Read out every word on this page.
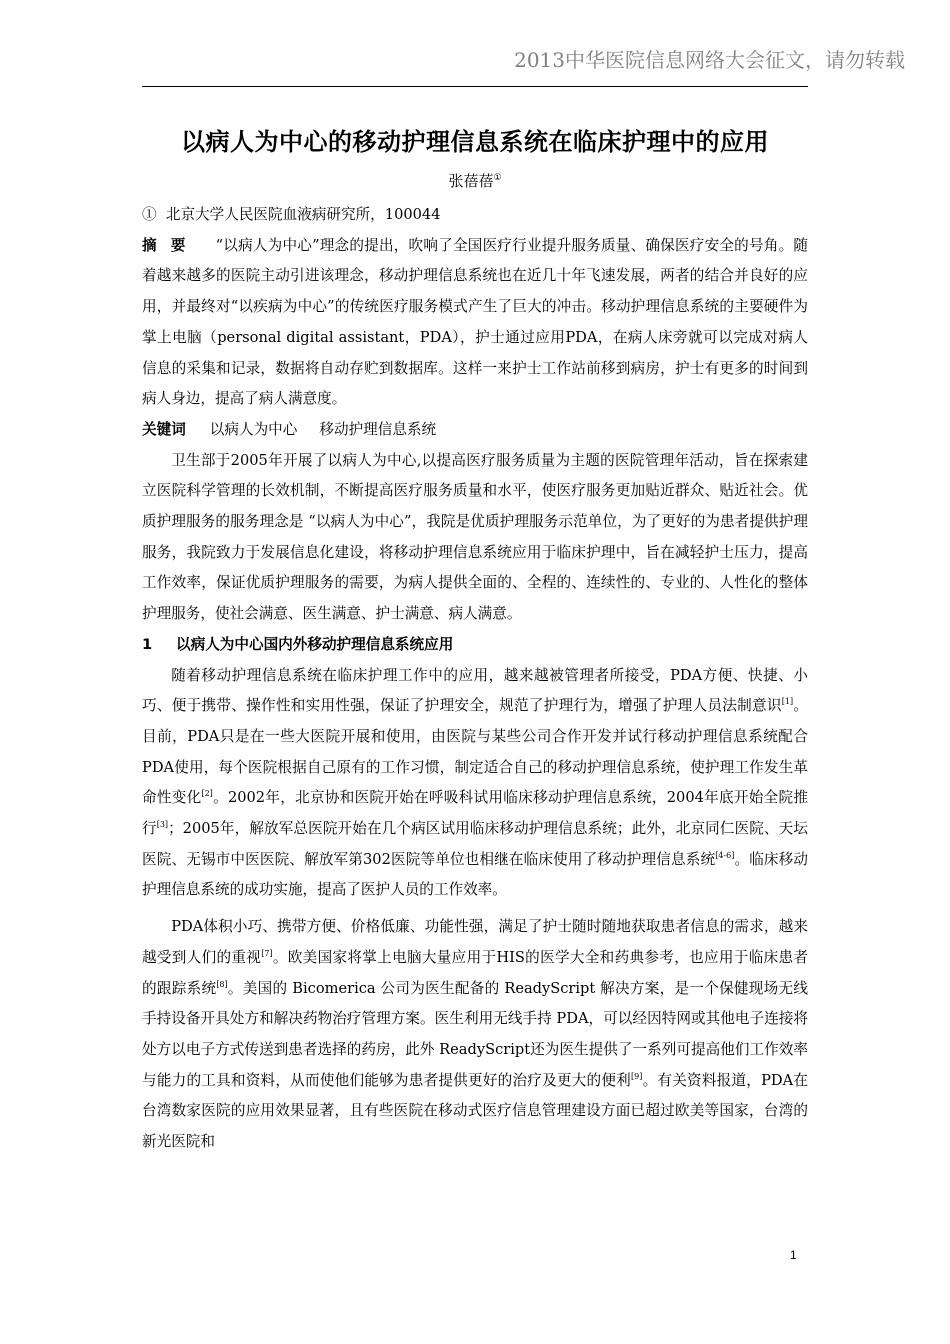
2013中华医院信息网络大会征文，请勿转载
以病人为中心的移动护理信息系统在临床护理中的应用
张蓓蓓①

①  北京大学人民医院血液病研究所，100044

摘要 “以病人为中心”理念的提出，吹响了全国医疗行业提升服务质量、确保医疗安全的号角。随着越来越多的医院主动引进该理念，移动护理信息系统也在近几十年飞速发展，两者的结合并良好的应用，并最终对“以疾病为中心”的传统医疗服务模式产生了巨大的冲击。移动护理信息系统的主要硬件为掌上电脑（personal digital assistant，PDA），护士通过应用PDA，在病人床旁就可以完成对病人信息的采集和记录，数据将自动存贮到数据库。这样一来护士工作站前移到病房，护士有更多的时间到病人身边，提高了病人满意度。

关键词 以病人为中心 移动护理信息系统

卫生部于2005年开展了以病人为中心,以提高医疗服务质量为主题的医院管理年活动，旨在探索建立医院科学管理的长效机制，不断提高医疗服务质量和水平，使医疗服务更加贴近群众、贴近社会。优质护理服务的服务理念是 “以病人为中心”，我院是优质护理服务示范单位，为了更好的为患者提供护理服务，我院致力于发展信息化建设，将移动护理信息系统应用于临床护理中，旨在减轻护士压力，提高工作效率，保证优质护理服务的需要，为病人提供全面的、全程的、连续性的、专业的、人性化的整体护理服务，使社会满意、医生满意、护士满意、病人满意。

1 以病人为中心国内外移动护理信息系统应用

随着移动护理信息系统在临床护理工作中的应用，越来越被管理者所接受，PDA方便、快捷、小巧、便于携带、操作性和实用性强，保证了护理安全，规范了护理行为，增强了护理人员法制意识[1]。目前，PDA只是在一些大医院开展和使用，由医院与某些公司合作开发并试行移动护理信息系统配合PDA使用，每个医院根据自己原有的工作习惯，制定适合自己的移动护理信息系统，使护理工作发生革命性变化[2]。2002年，北京协和医院开始在呼吸科试用临床移动护理信息系统，2004年底开始全院推行[3]；2005年，解放军总医院开始在几个病区试用临床移动护理信息系统；此外，北京同仁医院、天坛医院、无锡市中医医院、解放军第302医院等单位也相继在临床使用了移动护理信息系统[4-6]。临床移动护理信息系统的成功实施，提高了医护人员的工作效率。

PDA体积小巧、携带方便、价格低廉、功能性强，满足了护士随时随地获取患者信息的需求，越来越受到人们的重视[7]。欧美国家将掌上电脑大量应用于HIS的医学大全和药典参考，也应用于临床患者的跟踪系统[8]。美国的 Bicomerica 公司为医生配备的 ReadyScript 解决方案，是一个保健现场无线手持设备开具处方和解决药物治疗管理方案。医生利用无线手持 PDA，可以经因特网或其他电子连接将处方以电子方式传送到患者选择的药房，此外 ReadyScript还为医生提供了一系列可提高他们工作效率与能力的工具和资料，从而使他们能够为患者提供更好的治疗及更大的便利[9]。有关资料报道，PDA在台湾数家医院的应用效果显著，且有些医院在移动式医疗信息管理建设方面已超过欧美等国家，台湾的新光医院和

1
